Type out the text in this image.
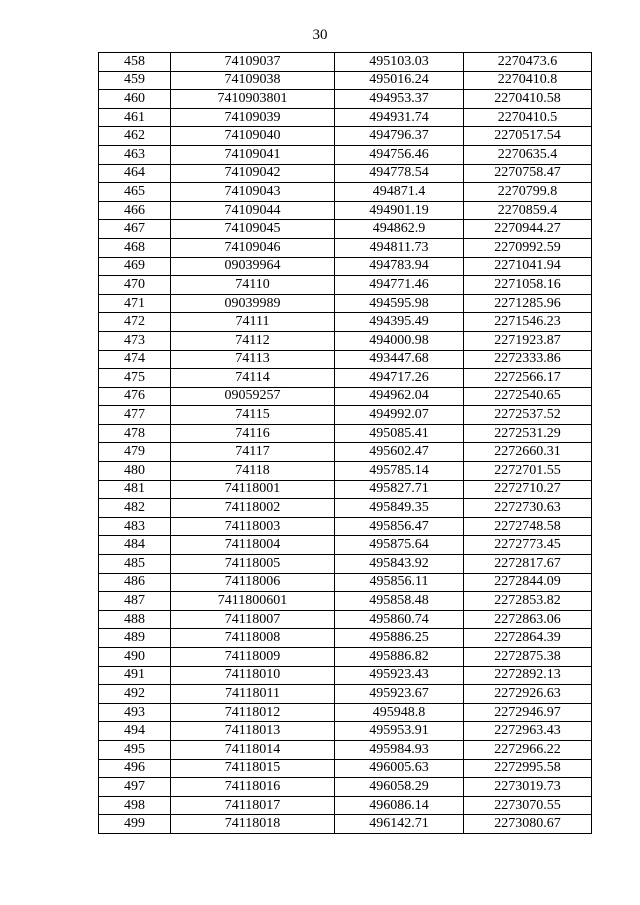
30
458	74109037	495103.03	2270473.6
459	74109038	495016.24	2270410.8
460	7410903801	494953.37	2270410.58
461	74109039	494931.74	2270410.5
462	74109040	494796.37	2270517.54
463	74109041	494756.46	2270635.4
464	74109042	494778.54	2270758.47
465	74109043	494871.4	2270799.8
466	74109044	494901.19	2270859.4
467	74109045	494862.9	2270944.27
468	74109046	494811.73	2270992.59
469	09039964	494783.94	2271041.94
470	74110	494771.46	2271058.16
471	09039989	494595.98	2271285.96
472	74111	494395.49	2271546.23
473	74112	494000.98	2271923.87
474	74113	493447.68	2272333.86
475	74114	494717.26	2272566.17
476	09059257	494962.04	2272540.65
477	74115	494992.07	2272537.52
478	74116	495085.41	2272531.29
479	74117	495602.47	2272660.31
480	74118	495785.14	2272701.55
481	74118001	495827.71	2272710.27
482	74118002	495849.35	2272730.63
483	74118003	495856.47	2272748.58
484	74118004	495875.64	2272773.45
485	74118005	495843.92	2272817.67
486	74118006	495856.11	2272844.09
487	7411800601	495858.48	2272853.82
488	74118007	495860.74	2272863.06
489	74118008	495886.25	2272864.39
490	74118009	495886.82	2272875.38
491	74118010	495923.43	2272892.13
492	74118011	495923.67	2272926.63
493	74118012	495948.8	2272946.97
494	74118013	495953.91	2272963.43
495	74118014	495984.93	2272966.22
496	74118015	496005.63	2272995.58
497	74118016	496058.29	2273019.73
498	74118017	496086.14	2273070.55
499	74118018	496142.71	2273080.67
